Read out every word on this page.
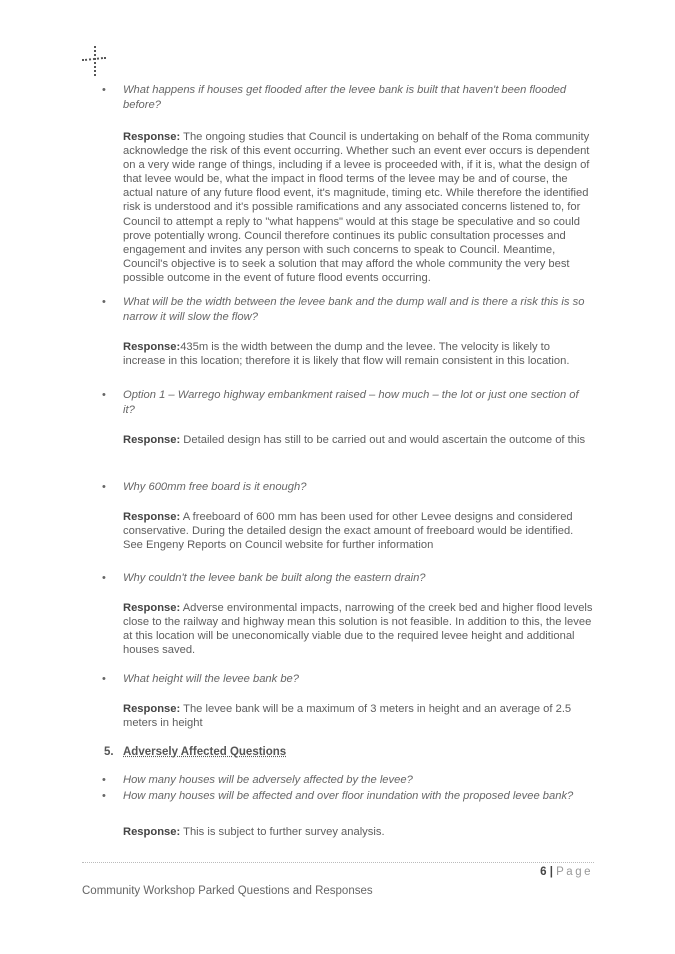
• What happens if houses get flooded after the levee bank is built that haven't been flooded before?
Response: The ongoing studies that Council is undertaking on behalf of the Roma community acknowledge the risk of this event occurring. Whether such an event ever occurs is dependent on a very wide range of things, including if a levee is proceeded with, if it is, what the design of that levee would be, what the impact in flood terms of the levee may be and of course, the actual nature of any future flood event, it's magnitude, timing etc. While therefore the identified risk is understood and it's possible ramifications and any associated concerns listened to, for Council to attempt a reply to "what happens" would at this stage be speculative and so could prove potentially wrong. Council therefore continues its public consultation processes and engagement and invites any person with such concerns to speak to Council. Meantime, Council's objective is to seek a solution that may afford the whole community the very best possible outcome in the event of future flood events occurring.
• What will be the width between the levee bank and the dump wall and is there a risk this is so narrow it will slow the flow?
Response:435m is the width between the dump and the levee. The velocity is likely to increase in this location; therefore it is likely that flow will remain consistent in this location.
• Option 1 – Warrego highway embankment raised – how much – the lot or just one section of it?
Response: Detailed design has still to be carried out and would ascertain the outcome of this
• Why 600mm free board is it enough?
Response: A freeboard of 600 mm has been used for other Levee designs and considered conservative. During the detailed design the exact amount of freeboard would be identified. See Engeny Reports on Council website for further information
• Why couldn't the levee bank be built along the eastern drain?
Response: Adverse environmental impacts, narrowing of the creek bed and higher flood levels close to the railway and highway mean this solution is not feasible. In addition to this, the levee at this location will be uneconomically viable due to the required levee height and additional houses saved.
• What height will the levee bank be?
Response: The levee bank will be a maximum of 3 meters in height and an average of 2.5 meters in height
5. Adversely Affected Questions
• How many houses will be adversely affected by the levee?
• How many houses will be affected and over floor inundation with the proposed levee bank?
Response: This is subject to further survey analysis.
6 | Page
Community Workshop Parked Questions and Responses
